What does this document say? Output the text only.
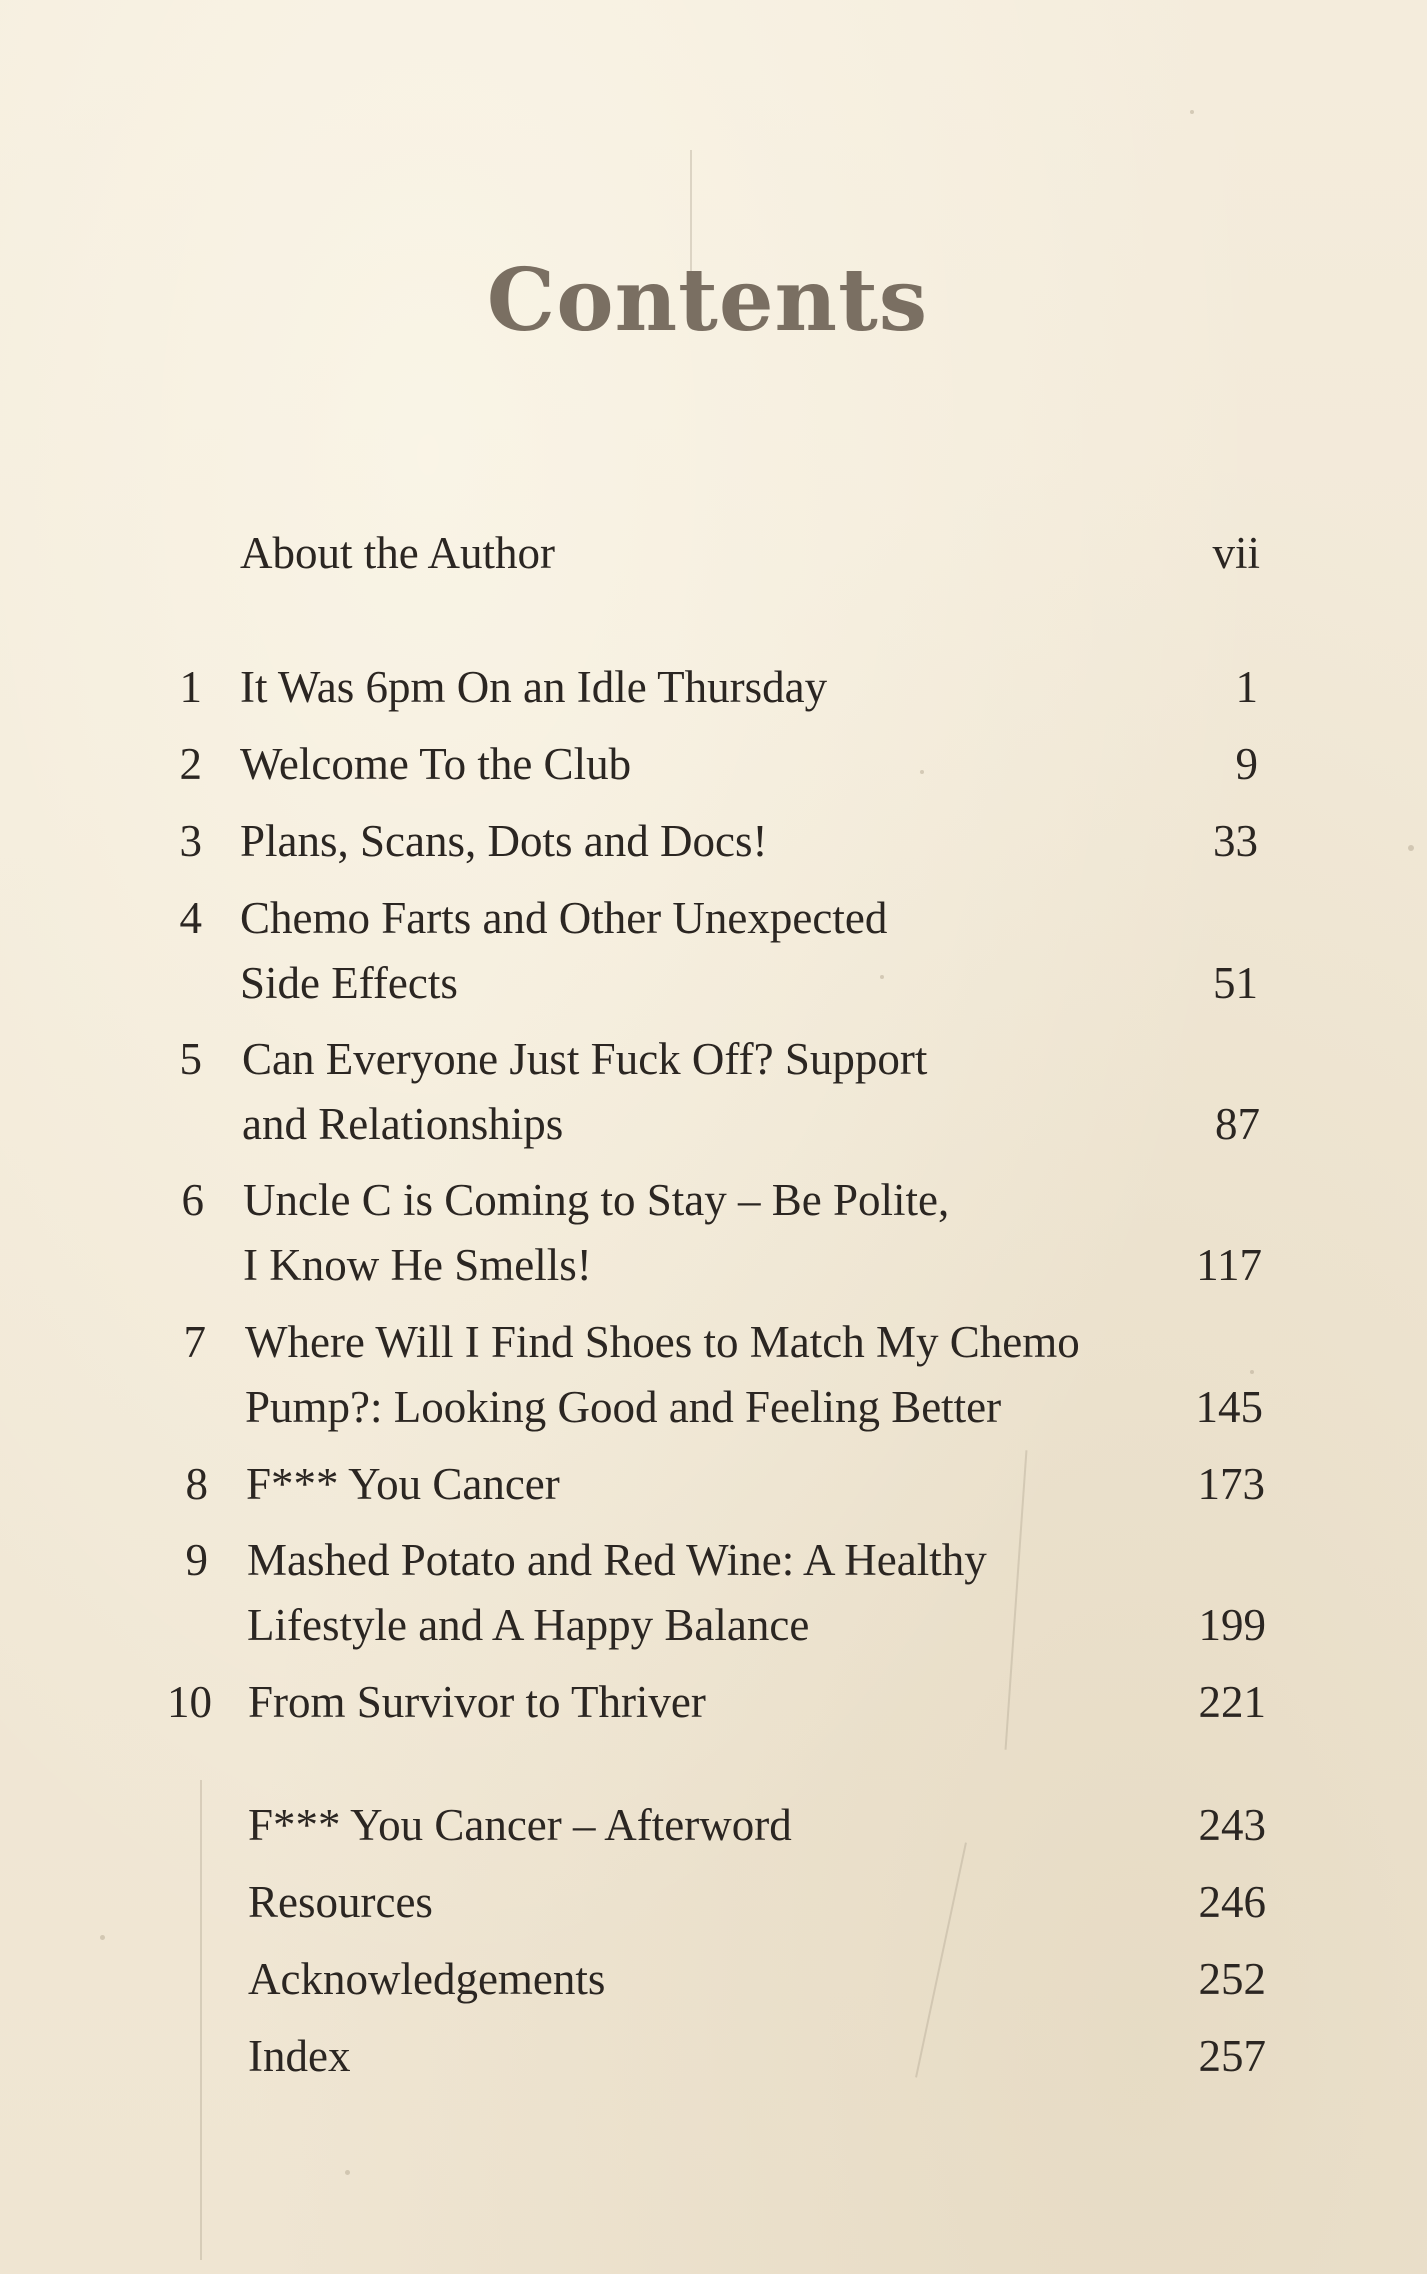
Contents
About the Author	vii
1 It Was 6pm On an Idle Thursday	1
2 Welcome To the Club	9
3 Plans, Scans, Dots and Docs!	33
4 Chemo Farts and Other Unexpected
Side Effects	51
5 Can Everyone Just Fuck Off? Support
and Relationships	87
6 Uncle C is Coming to Stay – Be Polite,
I Know He Smells!	117
7 Where Will I Find Shoes to Match My Chemo
Pump?: Looking Good and Feeling Better	145
8 F*** You Cancer	173
9 Mashed Potato and Red Wine: A Healthy
Lifestyle and A Happy Balance	199
10 From Survivor to Thriver	221
F*** You Cancer – Afterword	243
Resources	246
Acknowledgements	252
Index	257
